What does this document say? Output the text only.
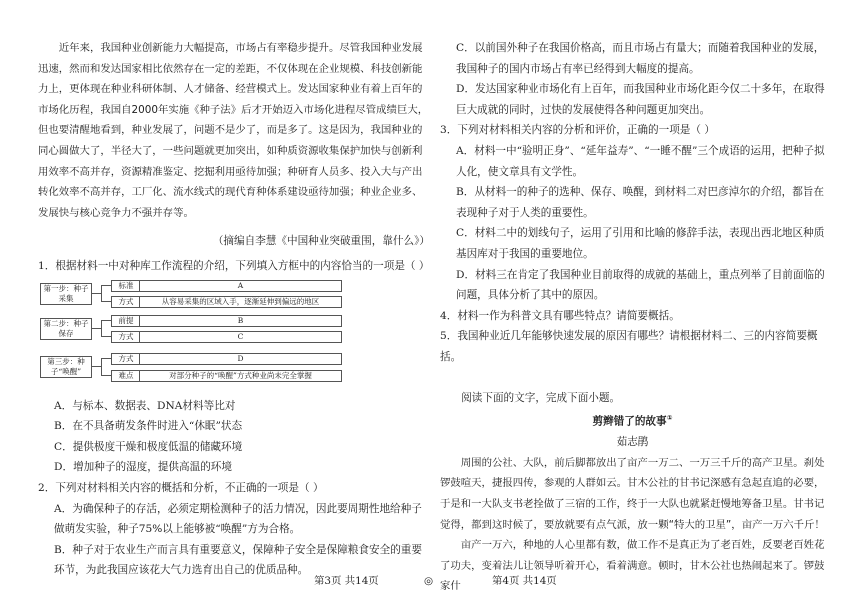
近年来，我国种业创新能力大幅提高，市场占有率稳步提升。尽管我国种业发展迅速，然而和发达国家相比依然存在一定的差距，不仅体现在企业规模、科技创新能力上，更体现在种业科研体制、人才储备、经营模式上。发达国家种业有着上百年的市场化历程，我国自2000年实施《种子法》后才开始迈入市场化进程尽管成绩巨大，但也要清醒地看到，种业发展了，问题不是少了，而是多了。这是因为，我国种业的同心圆做大了，半径大了，一些问题就更加突出，如种质资源收集保护加快与创新利用效率不高并存，资源精准鉴定、挖掘利用亟待加强；种研育人员多、投入大与产出转化效率不高并存，工厂化、流水线式的现代育种体系建设亟待加强；种业企业多、发展快与核心竞争力不强并存等。

（摘编自李慧《中国种业突破重围，靠什么》）

1．根据材料一中对种库工作流程的介绍，下列填入方框中的内容恰当的一项是（ ）

第一步：种子采集
第二步：种子保存
第三步：种子“唤醒”
标准
方式
前提
方式
方式
难点
A
从容易采集的区域入手，逐渐延伸到偏远的地区
B
C
D
对部分种子的“唤醒”方式种业尚未完全掌握

A．与标本、数据表、DNA材料等比对

B．在不具备萌发条件时进入“休眠”状态

C．提供极度干燥和极度低温的储藏环境

D．增加种子的湿度，提供高温的环境

2．下列对材料相关内容的概括和分析，不正确的一项是（ ）

A．为确保种子的存活，必须定期检测种子的活力情况，因此要周期性地给种子做萌发实验，种子75%以上能够被“唤醒”方为合格。

B．种子对于农业生产而言具有重要意义，保障种子安全是保障粮食安全的重要环节，为此我国应该花大气力选育出自己的优质品种。

C．以前国外种子在我国价格高，而且市场占有量大；而随着我国种业的发展，我国种子的国内市场占有率已经得到大幅度的提高。

D．发达国家种业市场化有上百年，而我国种业市场化距今仅二十多年，在取得巨大成就的同时，过快的发展使得各种问题更加突出。

3．下列对材料相关内容的分析和评价，正确的一项是（ ）

A．材料一中“验明正身”、“延年益寿”、“一睡不醒”三个成语的运用，把种子拟人化，使文章具有文学性。

B．从材料一的种子的选种、保存、唤醒，到材料二对巴彦淖尔的介绍，都旨在表现种子对于人类的重要性。

C．材料二中的划线句子，运用了引用和比喻的修辞手法，表现出西北地区种质基因库对于我国的重要地位。

D．材料三在肯定了我国种业目前取得的成就的基础上，重点列举了目前面临的问题，具体分析了其中的原因。

4．材料一作为科普文具有哪些特点？请简要概括。

5．我国种业近几年能够快速发展的原因有哪些？请根据材料二、三的内容简要概括。

阅读下面的文字，完成下面小题。

剪辫错了的故事①

茹志鹃

周围的公社、大队，前后脚都放出了亩产一万二、一万三千斤的高产卫星。刹处锣鼓喧天，捷报四传，参观的人群如云。甘木公社的甘书记深感有急起直追的必要，于是和一大队支书老拴做了三宿的工作，终于一大队也就紧赶慢地筹备卫星。甘书记觉得，都到这时候了，要放就要有点气派，放一颗“特大的卫星”，亩产一万六千斤！

亩产一万六，种地的人心里都有数，做工作不是真正为了老百姓，反要老百姓花了功夫，变着法儿让领导听着开心，看着满意。顿时，甘木公社也热闹起来了。锣鼓家什

第3页 共14页	◎	第4页 共14页
